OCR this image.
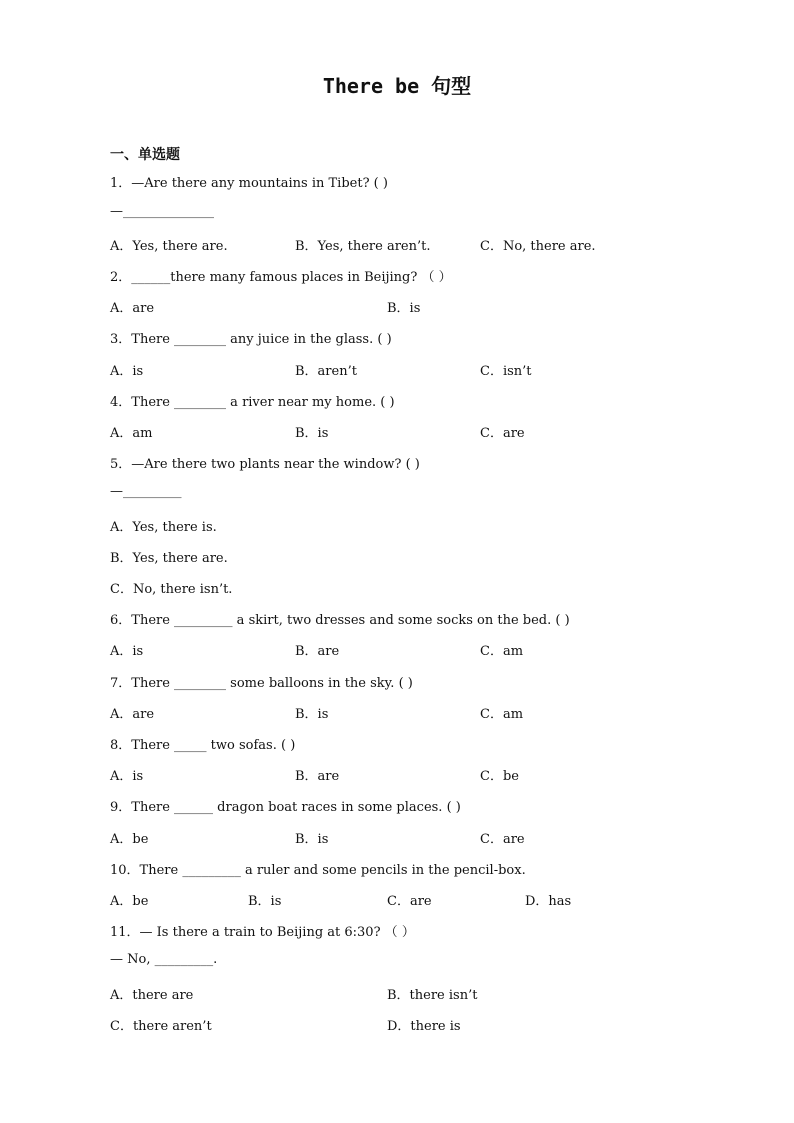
There be 句型
一、单选题
1．—Are there any mountains in Tibet? ( )
—______________
A．Yes, there are.	B．Yes, there aren’t.	C．No, there are.
2．______there many famous places in Beijing? （ ）
A．are	B．is
3．There ________ any juice in the glass. ( )
A．is	B．aren’t	C．isn’t
4．There ________ a river near my home. ( )
A．am	B．is	C．are
5．—Are there two plants near the window? ( )
—_________
A．Yes, there is.
B．Yes, there are.
C．No, there isn’t.
6．There _________ a skirt, two dresses and some socks on the bed. ( )
A．is	B．are	C．am
7．There ________ some balloons in the sky. ( )
A．are	B．is	C．am
8．There _____ two sofas. ( )
A．is	B．are	C．be
9．There ______ dragon boat races in some places. ( )
A．be	B．is	C．are
10．There _________ a ruler and some pencils in the pencil-box.
A．be	B．is	C．are	D．has
11．— Is there a train to Beijing at 6:30? （ ）
— No, _________.
A．there are	B．there isn’t
C．there aren’t	D．there is
